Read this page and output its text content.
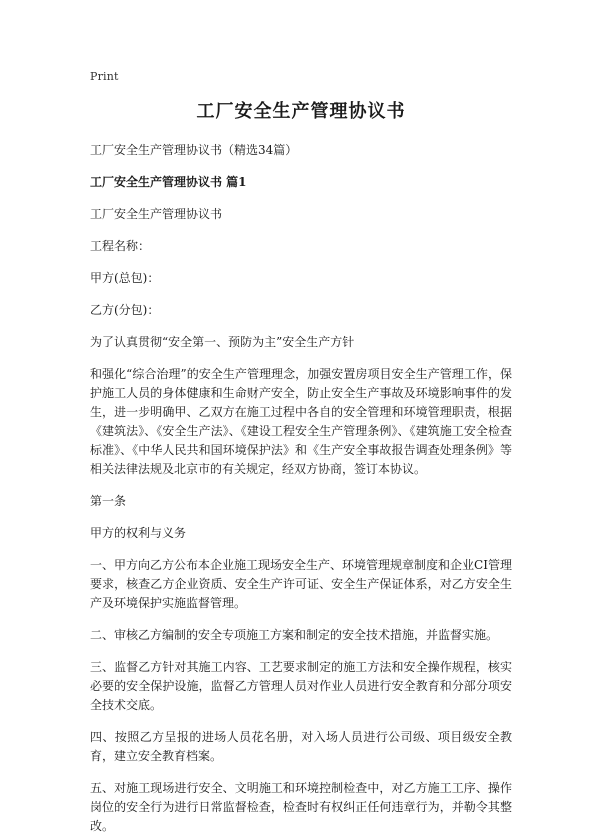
Print
工厂安全生产管理协议书
工厂安全生产管理协议书（精选34篇）
工厂安全生产管理协议书 篇1
工厂安全生产管理协议书
工程名称：
甲方(总包)：
乙方(分包)：
为了认真贯彻“安全第一、预防为主”安全生产方针
和强化“综合治理”的安全生产管理理念，加强安置房项目安全生产管理工作，保护施工人员的身体健康和生命财产安全，防止安全生产事故及环境影响事件的发生，进一步明确甲、乙双方在施工过程中各自的安全管理和环境管理职责，根据《建筑法》、《安全生产法》、《建设工程安全生产管理条例》、《建筑施工安全检查标准》、《中华人民共和国环境保护法》和《生产安全事故报告调查处理条例》等相关法律法规及北京市的有关规定，经双方协商，签订本协议。
第一条
甲方的权利与义务
一、甲方向乙方公布本企业施工现场安全生产、环境管理规章制度和企业CI管理要求，核查乙方企业资质、安全生产许可证、安全生产保证体系，对乙方安全生产及环境保护实施监督管理。
二、审核乙方编制的安全专项施工方案和制定的安全技术措施，并监督实施。
三、监督乙方针对其施工内容、工艺要求制定的施工方法和安全操作规程，核实必要的安全保护设施，监督乙方管理人员对作业人员进行安全教育和分部分项安全技术交底。
四、按照乙方呈报的进场人员花名册，对入场人员进行公司级、项目级安全教育，建立安全教育档案。
五、对施工现场进行安全、文明施工和环境控制检查中，对乙方施工工序、操作岗位的安全行为进行日常监督检查，检查时有权纠正任何违章行为，并勒令其整改。
